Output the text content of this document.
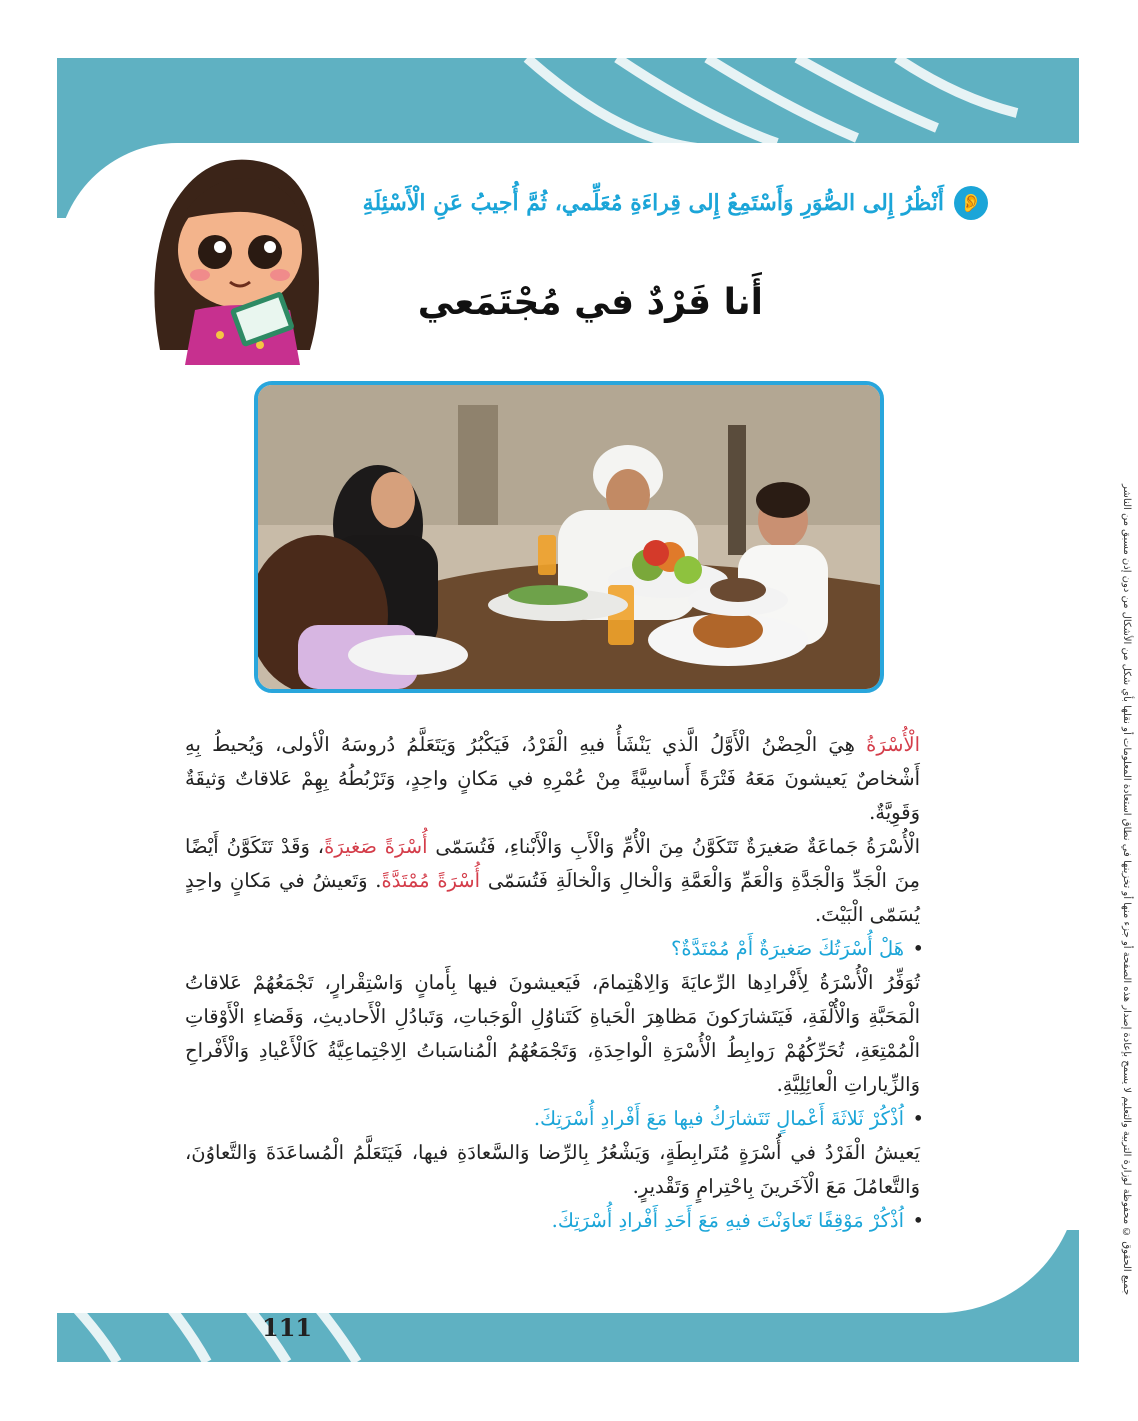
جميع الحقوق © محفوظة لوزارة التربية والتعليم لا يسمح بإعادة إصدار هذه الصفحة أو جزء منها أو تخزينها في نطاق استعادة المعلومات أو نقلها بأي شكل من الأشكال من دون إذن مسبق من الناشر
👂
أَنْظُرُ إِلى الصُّوَرِ وَأَسْتَمِعُ إِلى قِراءَةِ مُعَلِّمي، ثُمَّ أُجيبُ عَنِ الْأَسْئِلَةِ
أَنا فَرْدٌ في مُجْتَمَعي

الْأُسْرَةُ هِيَ الْحِضْنُ الْأَوَّلُ الَّذي يَنْشَأُ فيهِ الْفَرْدُ، فَيَكْبُرُ وَيَتَعَلَّمُ دُروسَهُ الْأولى، وَيُحيطُ بِهِ أَشْخاصٌ يَعيشونَ مَعَهُ فَتْرَةً أَساسِيَّةً مِنْ عُمْرِهِ في مَكانٍ واحِدٍ، وَتَرْبُطُهُ بِهِمْ عَلاقاتٌ وَثيقَةٌ وَقَوِيَّةٌ.

الْأُسْرَةُ جَماعَةٌ صَغيرَةٌ تَتَكَوَّنُ مِنَ الْأُمِّ وَالْأَبِ وَالْأَبْناءِ، فَتُسَمّى أُسْرَةً صَغيرَةً، وَقَدْ تَتَكَوَّنُ أَيْضًا مِنَ الْجَدِّ وَالْجَدَّةِ وَالْعَمِّ وَالْعَمَّةِ وَالْخالِ وَالْخالَةِ فَتُسَمّى أُسْرَةً مُمْتَدَّةً. وَتَعيشُ في مَكانٍ واحِدٍ يُسَمّى الْبَيْتَ.

• هَلْ أُسْرَتُكَ صَغيرَةٌ أَمْ مُمْتَدَّةٌ؟

تُوَفِّرُ الْأُسْرَةُ لِأَفْرادِها الرِّعايَةَ وَالِاهْتِمامَ، فَيَعيشونَ فيها بِأَمانٍ وَاسْتِقْرارٍ، تَجْمَعُهُمْ عَلاقاتُ الْمَحَبَّةِ وَالْأُلْفَةِ، فَيَتَشارَكونَ مَظاهِرَ الْحَياةِ كَتَناوُلِ الْوَجَباتِ، وَتَبادُلِ الْأَحاديثِ، وَقَضاءِ الْأَوْقاتِ الْمُمْتِعَةِ، تُحَرِّكُهُمْ رَوابِطُ الْأُسْرَةِ الْواحِدَةِ، وَتَجْمَعُهُمُ الْمُناسَباتُ الِاجْتِماعِيَّةُ كَالْأَعْيادِ وَالْأَفْراحِ وَالزِّياراتِ الْعائِلِيَّةِ.

• اُذْكُرْ ثَلاثَةَ أَعْمالٍ تَتَشارَكُ فيها مَعَ أَفْرادِ أُسْرَتِكَ.

يَعيشُ الْفَرْدُ في أُسْرَةٍ مُتَرابِطَةٍ، وَيَشْعُرُ بِالرِّضا وَالسَّعادَةِ فيها، فَيَتَعَلَّمُ الْمُساعَدَةَ وَالتَّعاوُنَ، وَالتَّعامُلَ مَعَ الْآخَرينَ بِاحْتِرامٍ وَتَقْديرٍ.

• اُذْكُرْ مَوْقِفًا تَعاوَنْتَ فيهِ مَعَ أَحَدِ أَفْرادِ أُسْرَتِكَ.

111
